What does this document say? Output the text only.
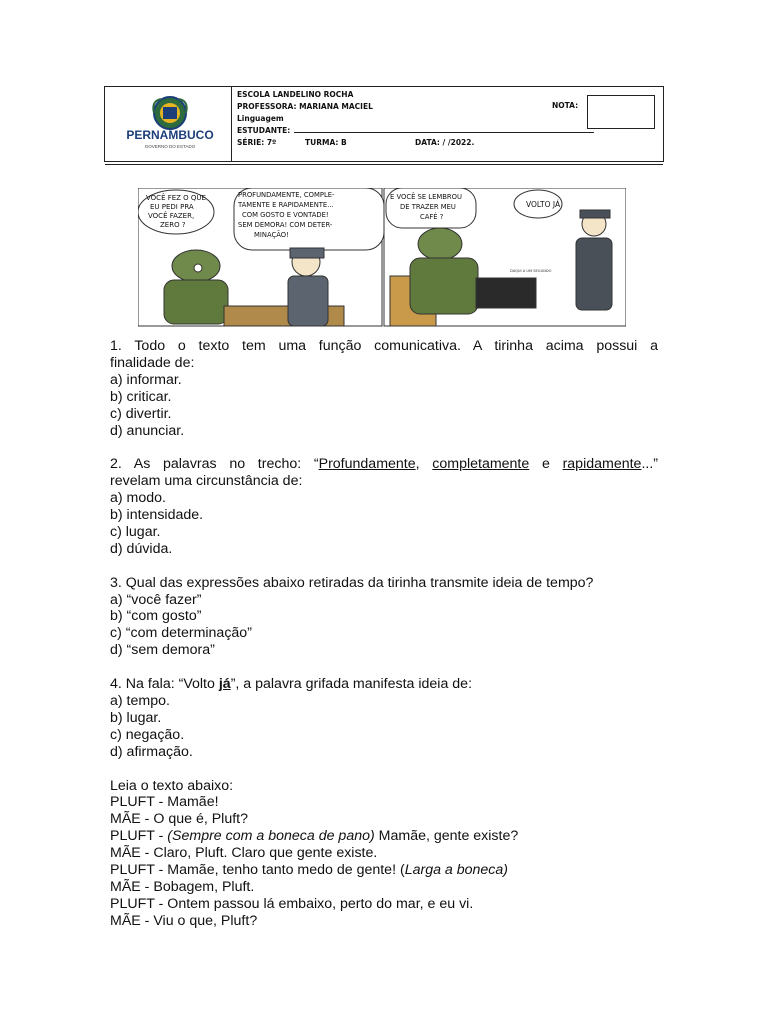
PERNAMBUCO
GOVERNO DO ESTADO
ESCOLA LANDELINO ROCHA
PROFESSORA: MARIANA MACIEL
Linguagem
ESTUDANTE:
SÉRIE: 7º	TURMA: B	DATA: / /2022.
NOTA:
VOCÊ FEZ O QUE EU PEDI PRA VOCÊ FAZER, ZERO ?
PROFUNDAMENTE, COMPLE- TAMENTE E RAPIDAMENTE... COM GOSTO E VONTADE! SEM DEMORA! COM DETER- MINAÇÃO!
E VOCÊ SE LEMBROU DE TRAZER MEU CAFÉ ?
VOLTO JÁ
DAQUI A UM SEGUNDO

1. Todo o texto tem uma função comunicativa. A tirinha acima possui a

finalidade de:

a) informar.

b) criticar.

c) divertir.

d) anunciar.

2. As palavras no trecho: “Profundamente, completamente e rapidamente...”

revelam uma circunstância de:

a) modo.

b) intensidade.

c) lugar.

d) dúvida.

3. Qual das expressões abaixo retiradas da tirinha transmite ideia de tempo?

a) “você fazer”

b) “com gosto”

c) “com determinação”

d) “sem demora”

4. Na fala: “Volto já”, a palavra grifada manifesta ideia de:

a) tempo.

b) lugar.

c) negação.

d) afirmação.

Leia o texto abaixo:

PLUFT - Mamãe!

MÃE - O que é, Pluft?

PLUFT - (Sempre com a boneca de pano) Mamãe, gente existe?

MÃE - Claro, Pluft. Claro que gente existe.

PLUFT - Mamãe, tenho tanto medo de gente! (Larga a boneca)

MÃE - Bobagem, Pluft.

PLUFT - Ontem passou lá embaixo, perto do mar, e eu vi.

MÃE - Viu o que, Pluft?
